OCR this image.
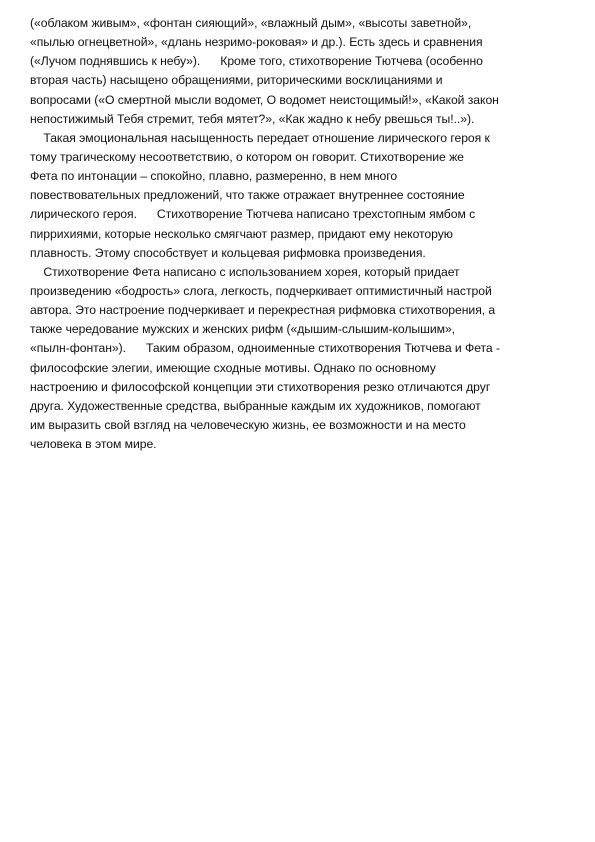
(«облаком живым», «фонтан сияющий», «влажный дым», «высоты заветной»,
«пылью огнецветной», «длань незримо-роковая» и др.). Есть здесь и сравнения
(«Лучом поднявшись к небу»).      Кроме того, стихотворение Тютчева (особенно
вторая часть) насыщено обращениями, риторическими восклицаниями и
вопросами («О смертной мысли водомет, О водомет неистощимый!», «Какой закон
непостижимый Тебя стремит, тебя мятет?», «Как жадно к небу рвешься ты!..»).
Такая эмоциональная насыщенность передает отношение лирического героя к
тому трагическому несоответствию, о котором он говорит. Стихотворение же
Фета по интонации – спокойно, плавно, размеренно, в нем много
повествовательных предложений, что также отражает внутреннее состояние
лирического героя.      Стихотворение Тютчева написано трехстопным ямбом с
пиррихиями, которые несколько смягчают размер, придают ему некоторую
плавность. Этому способствует и кольцевая рифмовка произведения.
Стихотворение Фета написано с использованием хорея, который придает
произведению «бодрость» слога, легкость, подчеркивает оптимистичный настрой
автора. Это настроение подчеркивает и перекрестная рифмовка стихотворения, а
также чередование мужских и женских рифм («дышим-слышим-колышим»,
«пылн-фонтан»).      Таким образом, одноименные стихотворения Тютчева и Фета -
философские элегии, имеющие сходные мотивы. Однако по основному
настроению и философской концепции эти стихотворения резко отличаются друг
друга. Художественные средства, выбранные каждым их художников, помогают
им выразить свой взгляд на человеческую жизнь, ее возможности и на место
человека в этом мире.
